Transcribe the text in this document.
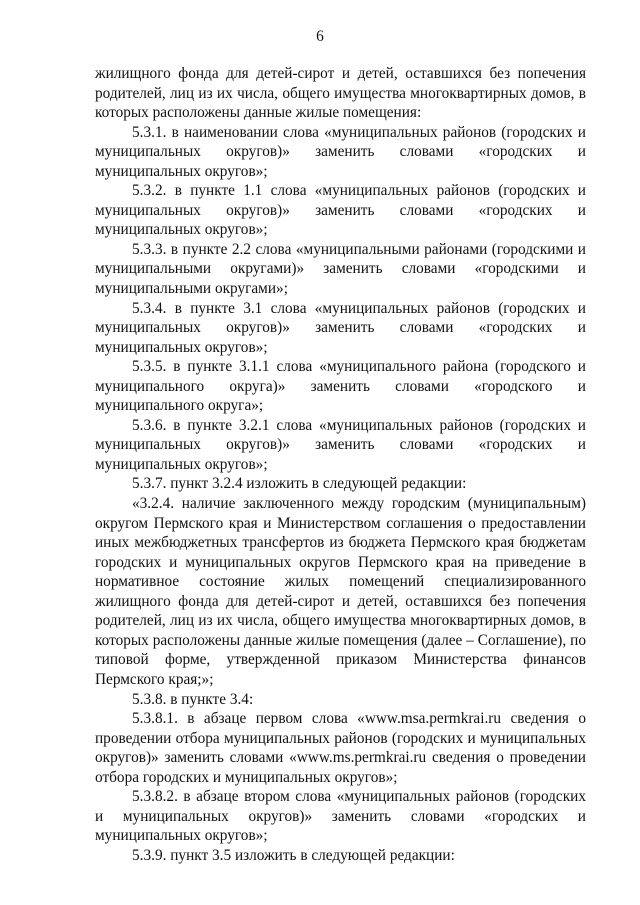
6

жилищного фонда для детей-сирот и детей, оставшихся без попечения родителей, лиц из их числа, общего имущества многоквартирных домов, в которых расположены данные жилые помещения:

5.3.1. в наименовании слова «муниципальных районов (городских и муниципальных округов)» заменить словами «городских и муниципальных округов»;

5.3.2. в пункте 1.1 слова «муниципальных районов (городских и муниципальных округов)» заменить словами «городских и муниципальных округов»;

5.3.3. в пункте 2.2 слова «муниципальными районами (городскими и муниципальными округами)» заменить словами «городскими и муниципальными округами»;

5.3.4. в пункте 3.1 слова «муниципальных районов (городских и муниципальных округов)» заменить словами «городских и муниципальных округов»;

5.3.5. в пункте 3.1.1 слова «муниципального района (городского и муниципального округа)» заменить словами «городского и муниципального округа»;

5.3.6. в пункте 3.2.1 слова «муниципальных районов (городских и муниципальных округов)» заменить словами «городских и муниципальных округов»;

5.3.7. пункт 3.2.4 изложить в следующей редакции:

«3.2.4. наличие заключенного между городским (муниципальным) округом Пермского края и Министерством соглашения о предоставлении иных межбюджетных трансфертов из бюджета Пермского края бюджетам городских и муниципальных округов Пермского края на приведение в нормативное состояние жилых помещений специализированного жилищного фонда для детей-сирот и детей, оставшихся без попечения родителей, лиц из их числа, общего имущества многоквартирных домов, в которых расположены данные жилые помещения (далее – Соглашение), по типовой форме, утвержденной приказом Министерства финансов Пермского края;»;

5.3.8. в пункте 3.4:

5.3.8.1. в абзаце первом слова «www.msa.permkrai.ru сведения о проведении отбора муниципальных районов (городских и муниципальных округов)» заменить словами «www.ms.permkrai.ru сведения о проведении отбора городских и муниципальных округов»;

5.3.8.2. в абзаце втором слова «муниципальных районов (городских и муниципальных округов)» заменить словами «городских и муниципальных округов»;

5.3.9. пункт 3.5 изложить в следующей редакции:
